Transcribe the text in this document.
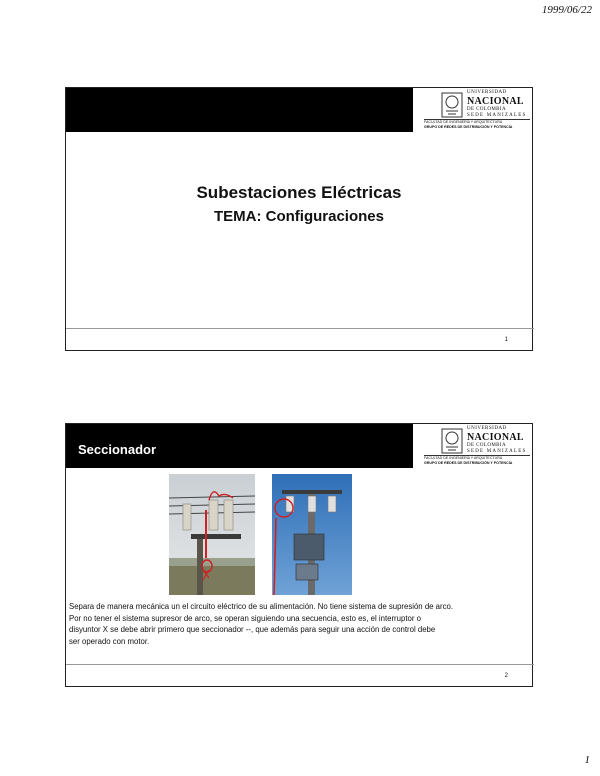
1999/06/22
UNIVERSIDAD
NACIONAL
DE COLOMBIA
SEDE MANIZALES
FACULTAD DE INGENIERÍA Y ARQUITECTURA
GRUPO DE REDES DE DISTRIBUCIÓN Y POTENCIA
Subestaciones Eléctricas
TEMA: Configuraciones
1
Seccionador
UNIVERSIDAD
NACIONAL
DE COLOMBIA
SEDE MANIZALES
FACULTAD DE INGENIERÍA Y ARQUITECTURA
GRUPO DE REDES DE DISTRIBUCIÓN Y POTENCIA
Separa de manera mecánica un el circuito eléctrico de su alimentación. No tiene sistema de supresión de arco.
Por no tener el sistema supresor de arco, se operan siguiendo una secuencia, esto es, el interruptor o
disyuntor X se debe abrir primero que seccionador --, que además para seguir una acción de control debe
ser operado con motor.
2
1
